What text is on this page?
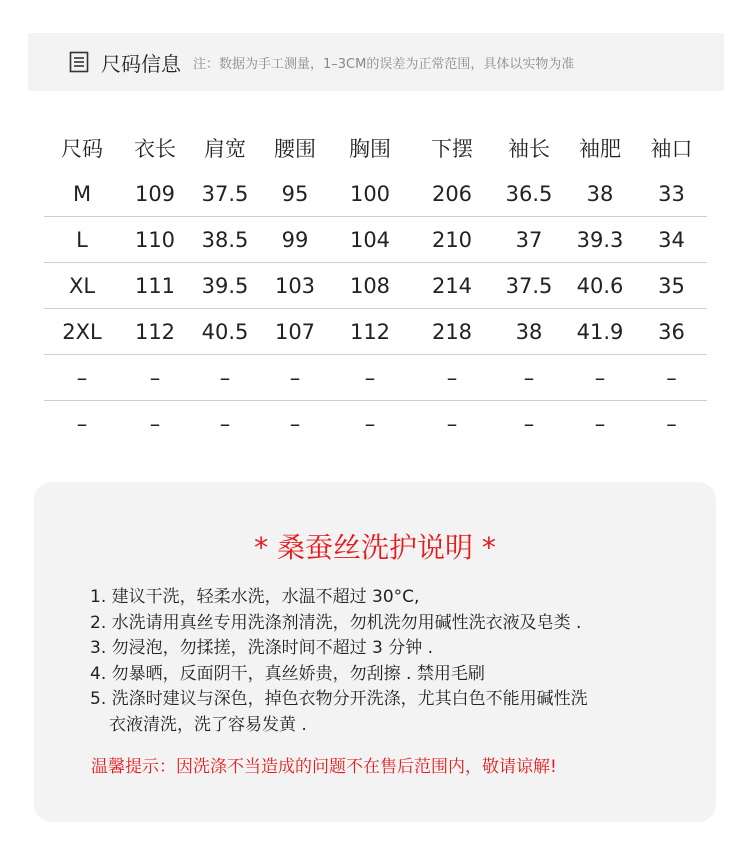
尺码信息 注：数据为手工测量，1–3CM的误差为正常范围，具体以实物为准
尺码	衣长	肩宽	腰围	胸围	下摆	袖长	袖肥	袖口
M	109	37.5	95	100	206	36.5	38	33
L	110	38.5	99	104	210	37	39.3	34
XL	111	39.5	103	108	214	37.5	40.6	35
2XL	112	40.5	107	112	218	38	41.9	36
–	–	–	–	–	–	–	–	–
–	–	–	–	–	–	–	–	–
* 桑蚕丝洗护说明 *
1. 建议干洗，轻柔水洗，水温不超过 30°C,
2. 水洗请用真丝专用洗涤剂清洗，勿机洗勿用碱性洗衣液及皂类 .
3. 勿浸泡，勿揉搓，洗涤时间不超过 3 分钟 .
4. 勿暴晒，反面阴干，真丝娇贵，勿刮擦 . 禁用毛刷
5. 洗涤时建议与深色，掉色衣物分开洗涤，尤其白色不能用碱性洗
衣液清洗，洗了容易发黄 .
温馨提示：因洗涤不当造成的问题不在售后范围内，敬请谅解!
